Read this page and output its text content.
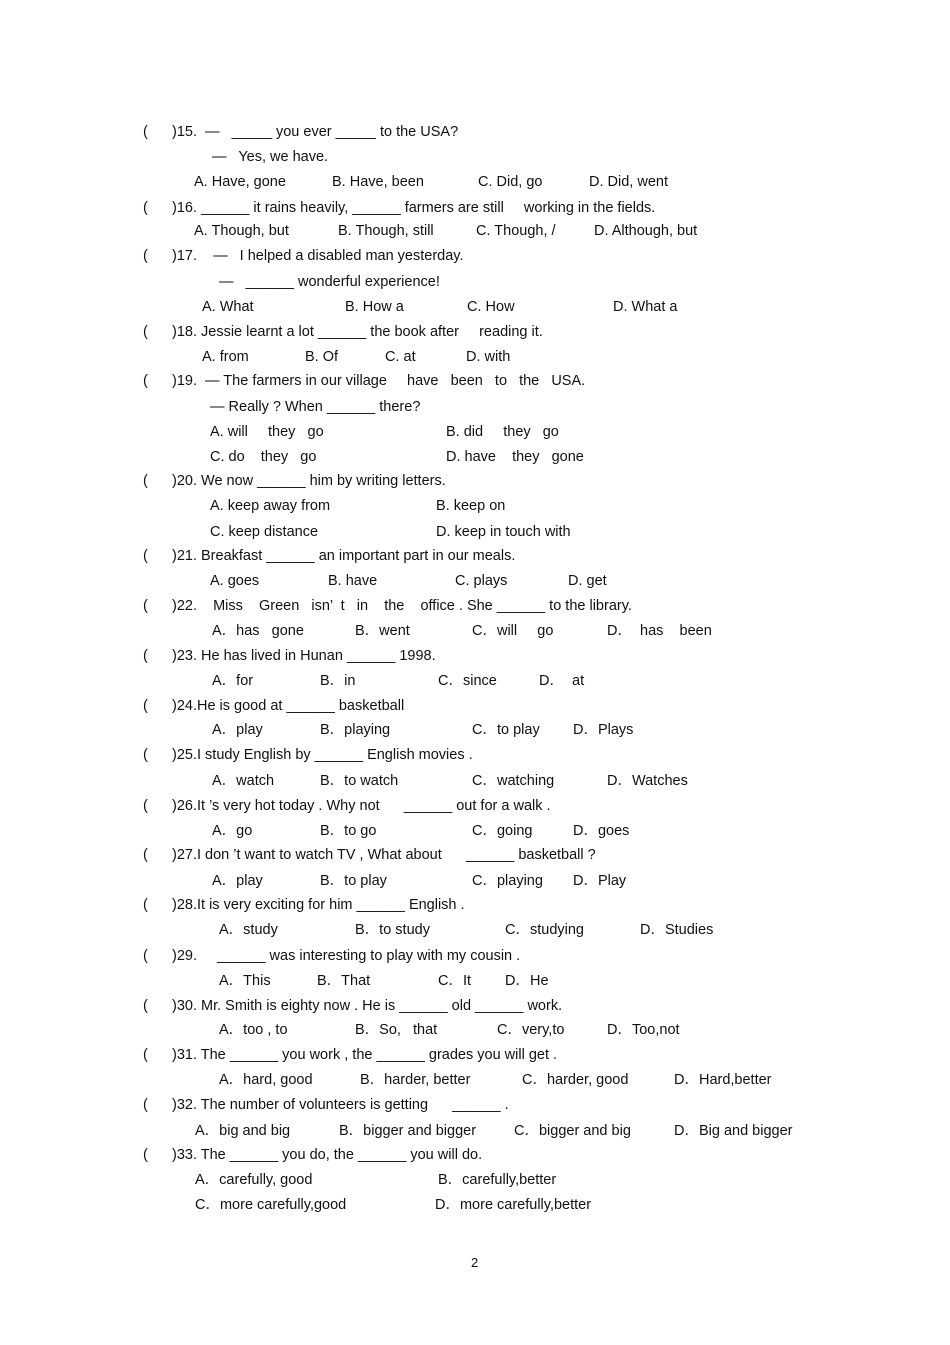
( )15.  —   _____ you ever _____ to the USA?
—   Yes, we have.
A. Have, gone	B. Have, been	C. Did, go	D. Did, went
( )16. ______ it rains heavily, ______ farmers are still     working in the fields.
A. Though, but	B. Though, still	C. Though, /	D. Although, but
( )17.    —   I helped a disabled man yesterday.
—   ______ wonderful experience!
A. What	B. How a	C. How	D. What a
( )18. Jessie learnt a lot ______ the book after     reading it.
A. from	B. Of	C. at	D. with
( )19.  — The farmers in our village     have   been   to   the   USA.
— Really ? When ______ there?
A. will     they   go	B. did     they   go
C. do    they   go	D. have    they   gone
( )20. We now ______ him by writing letters.
A. keep away from	B. keep on
C. keep distance	D. keep in touch with
( )21. Breakfast ______ an important part in our meals.
A. goes	B. have	C. plays	D. get
( )22.    Miss    Green   isn’  t   in    the    office . She ______ to the library.
A．has   gone	B．went	C．will     go	D．  has    been
( )23. He has lived in Hunan ______ 1998.
A．for	B．in	C．since	D．  at
( )24.He is good at ______ basketball
A．play	B．playing	C．to play D．Plays
( )25.I study English by ______ English movies .
A．watch	B．to watch	C．watching	D．Watches
( )26.It ’s very hot today . Why not      ______ out for a walk .
A．go	B．to go	C．going	D．goes
( )27.I don ’t want to watch TV , What about      ______ basketball ?
A．play	B．to play	C．playing D．Play
( )28.It is very exciting for him ______ English .
A．study	B．to study	C．studying	D．Studies
( )29.     ______ was interesting to play with my cousin .
A．This	B．That	C．It D．He
( )30. Mr. Smith is eighty now . He is ______ old ______ work.
A．too , to	B．So,   that	C．very,to	D．Too,not
( )31. The ______ you work , the ______ grades you will get .
A．hard, good	B．harder, better	C．harder, good	D．Hard,better
( )32. The number of volunteers is getting      ______ .
A．big and big	B．bigger and bigger	C．bigger and big	D．Big and bigger
( )33. The ______ you do, the ______ you will do.
A．carefully, good	B．carefully,better
C．more carefully,good	D．more carefully,better
2
